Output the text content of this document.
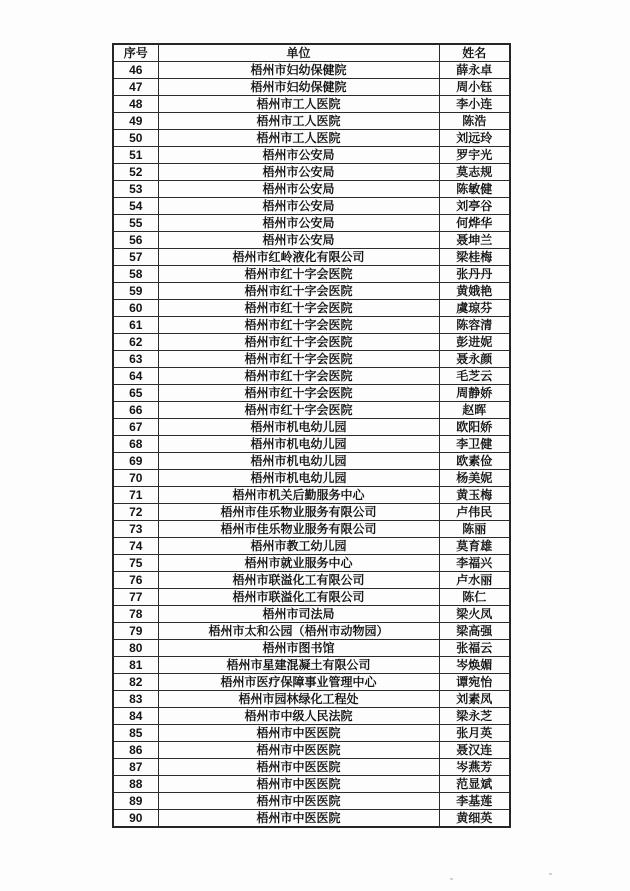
序号	单位	姓名
46	梧州市妇幼保健院	薛永卓
47	梧州市妇幼保健院	周小钰
48	梧州市工人医院	李小连
49	梧州市工人医院	陈浩
50	梧州市工人医院	刘远玲
51	梧州市公安局	罗宇光
52	梧州市公安局	莫志规
53	梧州市公安局	陈敏健
54	梧州市公安局	刘亭谷
55	梧州市公安局	何烨华
56	梧州市公安局	聂坤兰
57	梧州市红岭液化有限公司	梁桂梅
58	梧州市红十字会医院	张丹丹
59	梧州市红十字会医院	黄娥艳
60	梧州市红十字会医院	虞琼芬
61	梧州市红十字会医院	陈容清
62	梧州市红十字会医院	彭进妮
63	梧州市红十字会医院	聂永颜
64	梧州市红十字会医院	毛芝云
65	梧州市红十字会医院	周静娇
66	梧州市红十字会医院	赵晖
67	梧州市机电幼儿园	欧阳娇
68	梧州市机电幼儿园	李卫健
69	梧州市机电幼儿园	欧素俭
70	梧州市机电幼儿园	杨美妮
71	梧州市机关后勤服务中心	黄玉梅
72	梧州市佳乐物业服务有限公司	卢伟民
73	梧州市佳乐物业服务有限公司	陈丽
74	梧州市教工幼儿园	莫育雄
75	梧州市就业服务中心	李福兴
76	梧州市联溢化工有限公司	卢水丽
77	梧州市联溢化工有限公司	陈仁
78	梧州市司法局	梁火凤
79	梧州市太和公园（梧州市动物园）	梁高强
80	梧州市图书馆	张福云
81	梧州市星建混凝土有限公司	岑焕媚
82	梧州市医疗保障事业管理中心	谭宛怡
83	梧州市园林绿化工程处	刘素凤
84	梧州市中级人民法院	梁永芝
85	梧州市中医医院	张月英
86	梧州市中医医院	聂汉连
87	梧州市中医医院	岑燕芳
88	梧州市中医医院	范显斌
89	梧州市中医医院	李基莲
90	梧州市中医医院	黄细英
